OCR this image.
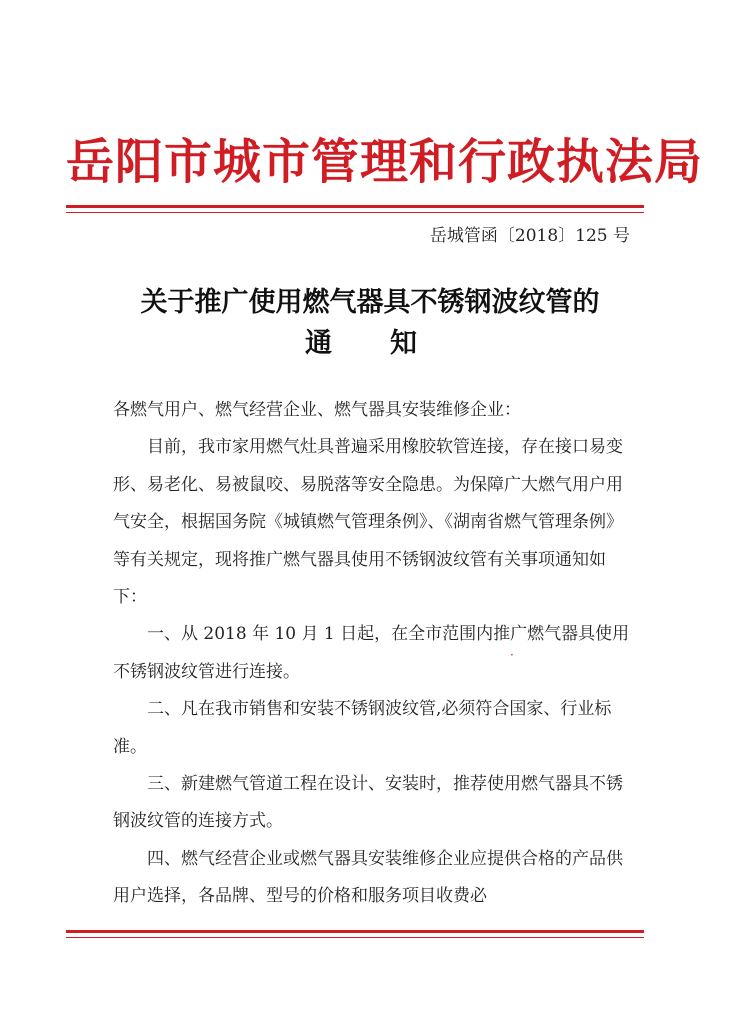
岳阳市城市管理和行政执法局
岳城管函〔2018〕125 号
关于推广使用燃气器具不锈钢波纹管的
通知

各燃气用户、燃气经营企业、燃气器具安装维修企业：

目前，我市家用燃气灶具普遍采用橡胶软管连接，存在接口易变形、易老化、易被鼠咬、易脱落等安全隐患。为保障广大燃气用户用气安全，根据国务院《城镇燃气管理条例》、《湖南省燃气管理条例》等有关规定，现将推广燃气器具使用不锈钢波纹管有关事项通知如下：

一、从 2018 年 10 月 1 日起，在全市范围内推广燃气器具使用不锈钢波纹管进行连接。

二、凡在我市销售和安装不锈钢波纹管,必须符合国家、行业标准。

三、新建燃气管道工程在设计、安装时，推荐使用燃气器具不锈钢波纹管的连接方式。

四、燃气经营企业或燃气器具安装维修企业应提供合格的产品供用户选择，各品牌、型号的价格和服务项目收费必

·
